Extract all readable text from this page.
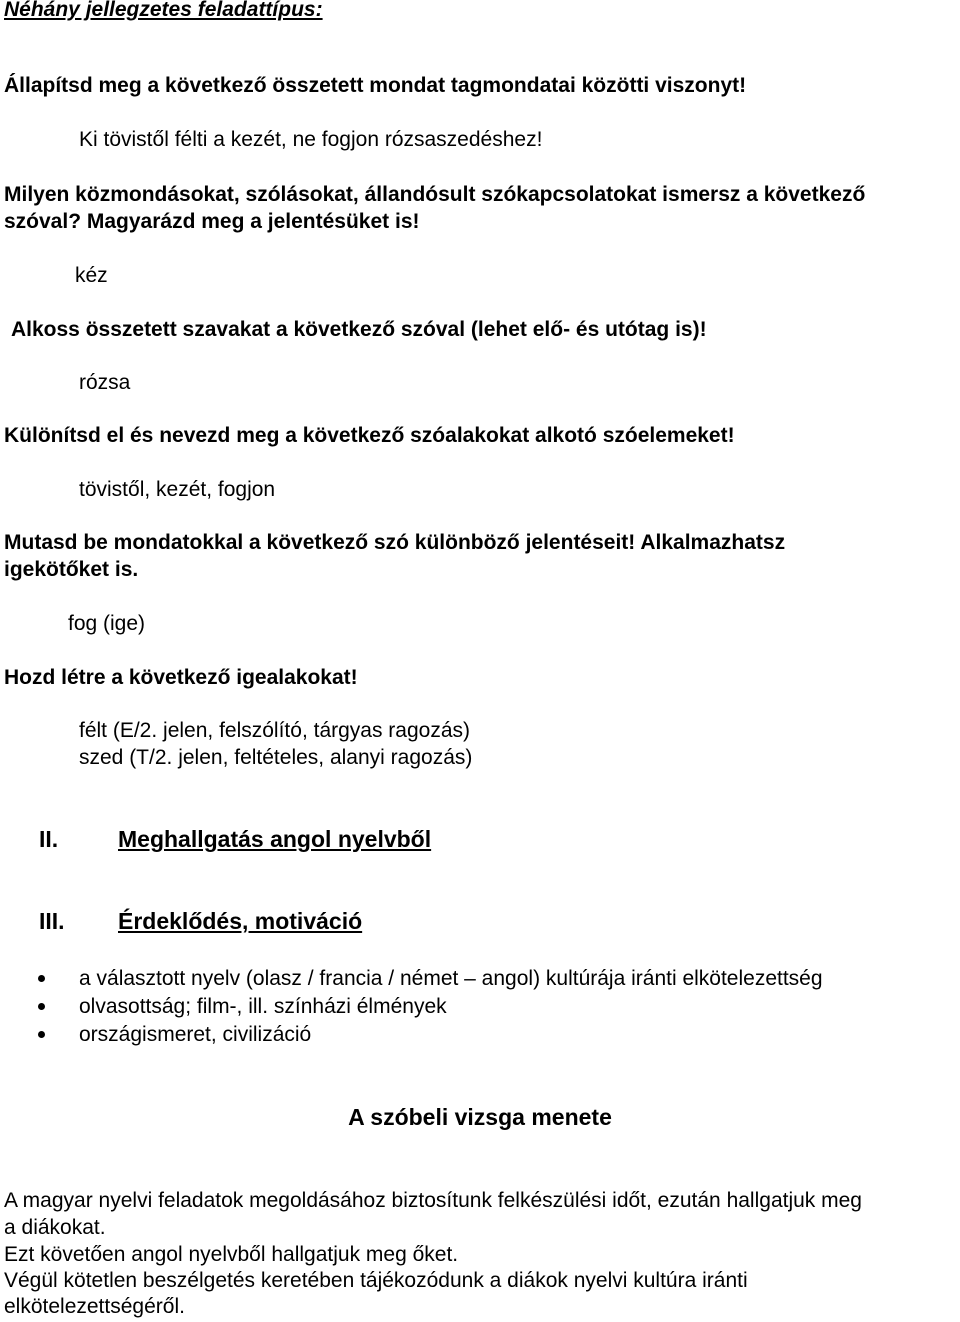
Néhány jellegzetes feladattípus:
Állapítsd meg a következő összetett mondat tagmondatai közötti viszonyt!
Ki tövistől félti a kezét, ne fogjon rózsaszedéshez!
Milyen közmondásokat, szólásokat, állandósult szókapcsolatokat ismersz a következő
szóval? Magyarázd meg a jelentésüket is!
kéz
Alkoss összetett szavakat a következő szóval (lehet elő- és utótag is)!
rózsa
Különítsd el és nevezd meg a következő szóalakokat alkotó szóelemeket!
tövistől, kezét, fogjon
Mutasd be mondatokkal a következő szó különböző jelentéseit! Alkalmazhatsz
igekötőket is.
fog (ige)
Hozd létre a következő igealakokat!
félt (E/2. jelen, felszólító, tárgyas ragozás)
szed (T/2. jelen, feltételes, alanyi ragozás)
II.	Meghallgatás angol nyelvből
III. Érdeklődés, motiváció
a választott nyelv (olasz / francia / német – angol) kultúrája iránti elkötelezettség
olvasottság; film-, ill. színházi élmények
országismeret, civilizáció
A szóbeli vizsga menete
A magyar nyelvi feladatok megoldásához biztosítunk felkészülési időt, ezután hallgatjuk meg
a diákokat.
Ezt követően angol nyelvből hallgatjuk meg őket.
Végül kötetlen beszélgetés keretében tájékozódunk a diákok nyelvi kultúra iránti
elkötelezettségéről.
